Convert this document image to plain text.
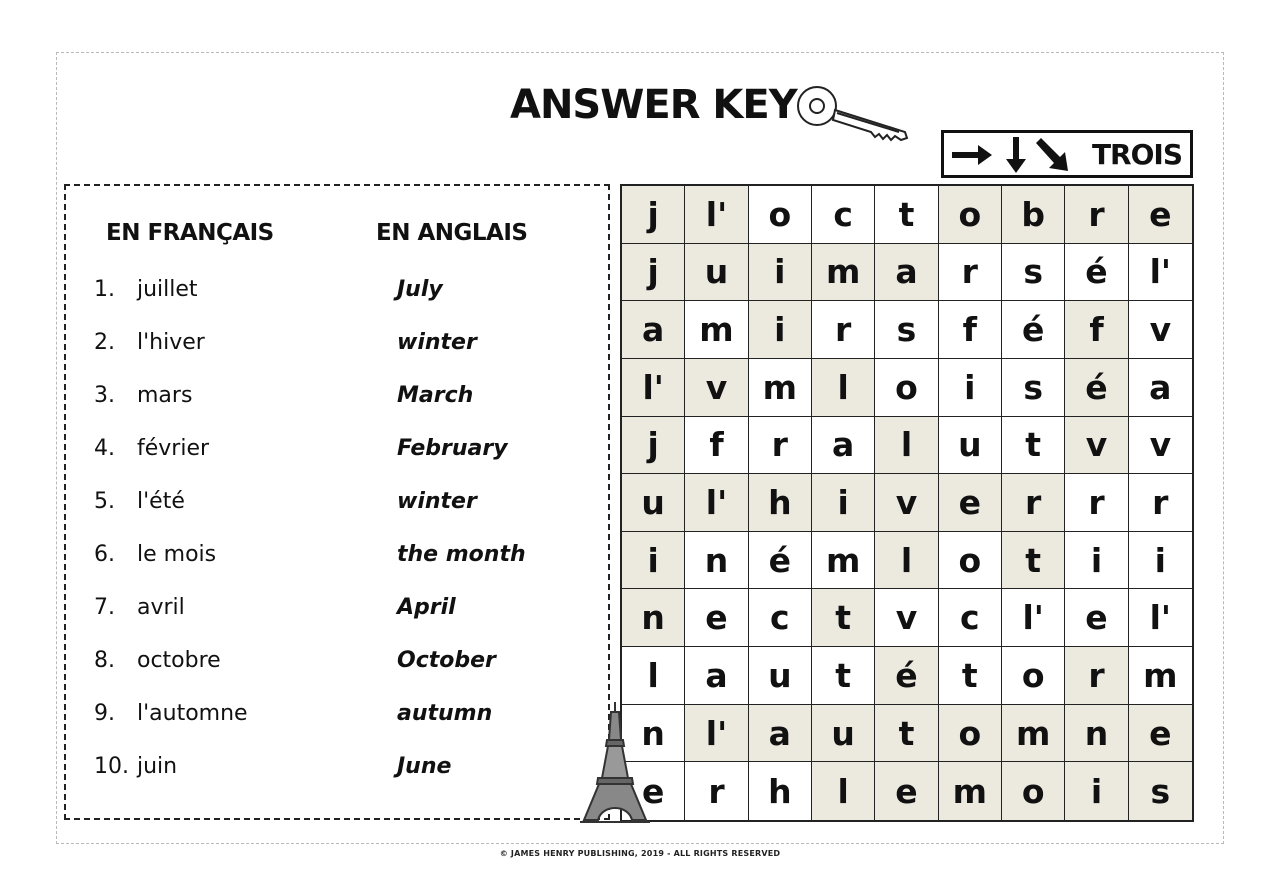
ANSWER KEY
TROIS
EN FRANÇAIS	EN ANGLAIS
1.	juillet	July
2.	l'hiver	winter
3.	mars	March
4.	février	February
5.	l'été	winter
6.	le mois	the month
7.	avril	April
8.	octobre	October
9.	l'automne	autumn
10. juin	June
j	l'	o	c	t	o	b	r	e
j	u	i	m	a	r	s	é	l'
a	m	i	r	s	f	é	f	v
l'	v	m	l	o	i	s	é	a
j	f	r	a	l	u	t	v	v
u	l'	h	i	v	e	r	r	r
i	n	é	m	l	o	t	i	i
n	e	c	t	v	c	l'	e	l'
l	a	u	t	é	t	o	r	m
n	l'	a	u	t	o	m	n	e
e	r	h	l	e	m	o	i	s
© JAMES HENRY PUBLISHING, 2019 - ALL RIGHTS RESERVED
